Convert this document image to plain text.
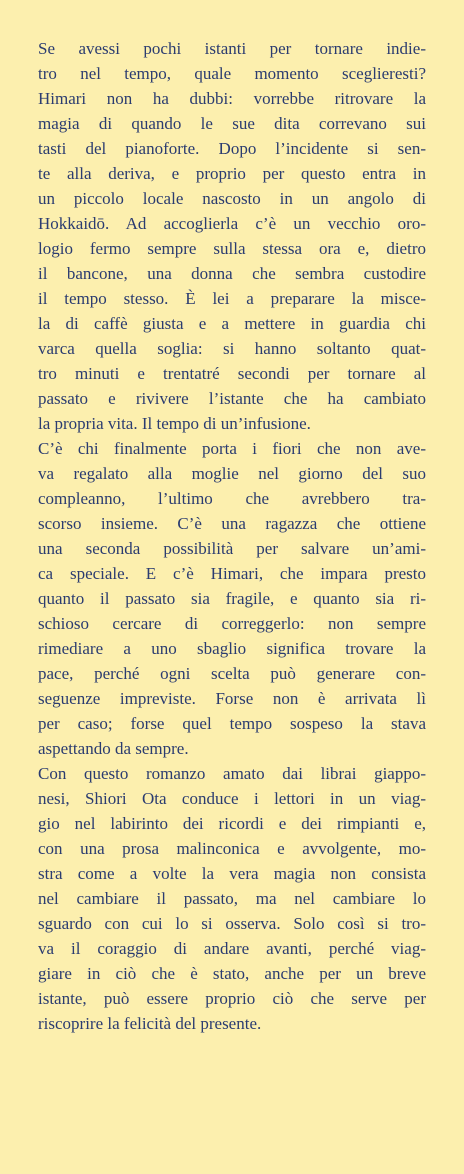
Se avessi pochi istanti per tornare indie-
tro nel tempo, quale momento sceglieresti?
Himari non ha dubbi: vorrebbe ritrovare la
magia di quando le sue dita correvano sui
tasti del pianoforte. Dopo l’incidente si sen-
te alla deriva, e proprio per questo entra in
un piccolo locale nascosto in un angolo di
Hokkaidō. Ad accoglierla c’è un vecchio oro-
logio fermo sempre sulla stessa ora e, dietro
il bancone, una donna che sembra custodire
il tempo stesso. È lei a preparare la misce-
la di caffè giusta e a mettere in guardia chi
varca quella soglia: si hanno soltanto quat-
tro minuti e trentatré secondi per tornare al
passato e rivivere l’istante che ha cambiato
la propria vita. Il tempo di un’infusione.
C’è chi finalmente porta i fiori che non ave-
va regalato alla moglie nel giorno del suo
compleanno, l’ultimo che avrebbero tra-
scorso insieme. C’è una ragazza che ottiene
una seconda possibilità per salvare un’ami-
ca speciale. E c’è Himari, che impara presto
quanto il passato sia fragile, e quanto sia ri-
schioso cercare di correggerlo: non sempre
rimediare a uno sbaglio significa trovare la
pace, perché ogni scelta può generare con-
seguenze impreviste. Forse non è arrivata lì
per caso; forse quel tempo sospeso la stava
aspettando da sempre.
Con questo romanzo amato dai librai giappo-
nesi, Shiori Ota conduce i lettori in un viag-
gio nel labirinto dei ricordi e dei rimpianti e,
con una prosa malinconica e avvolgente, mo-
stra come a volte la vera magia non consista
nel cambiare il passato, ma nel cambiare lo
sguardo con cui lo si osserva. Solo così si tro-
va il coraggio di andare avanti, perché viag-
giare in ciò che è stato, anche per un breve
istante, può essere proprio ciò che serve per
riscoprire la felicità del presente.
